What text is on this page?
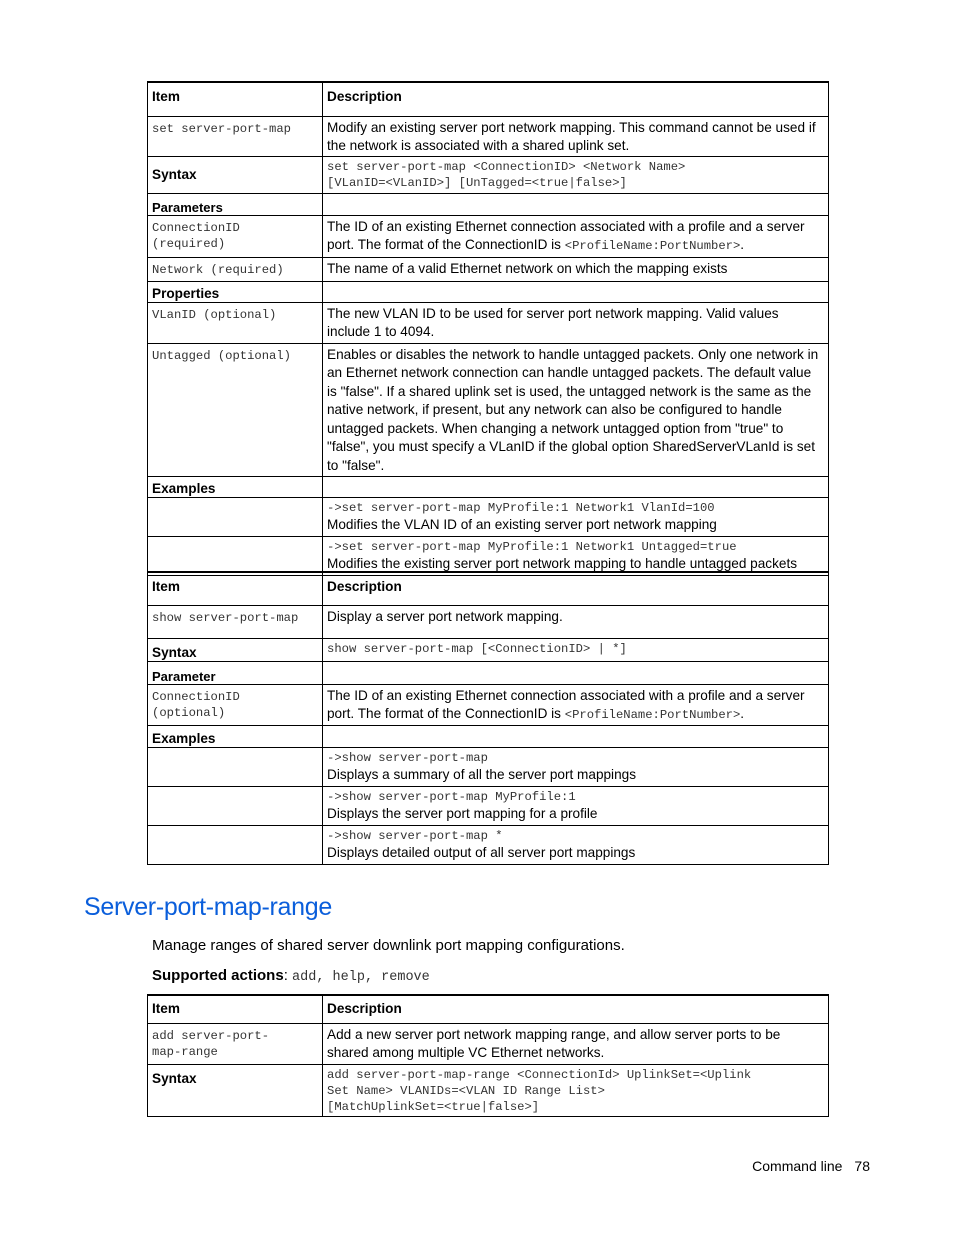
Item	Description
set server-port-map	Modify an existing server port network mapping. This command cannot be used if the network is associated with a shared uplink set.
Syntax	set server-port-map <ConnectionID> <Network Name>
[VLanID=<VLanID>] [UnTagged=<true|false>]
Parameters	
ConnectionID
(required)	The ID of an existing Ethernet connection associated with a profile and a server port. The format of the ConnectionID is <ProfileName:PortNumber>.
Network (required)	The name of a valid Ethernet network on which the mapping exists
Properties	
VLanID (optional)	The new VLAN ID to be used for server port network mapping. Valid values include 1 to 4094.
Untagged (optional)	Enables or disables the network to handle untagged packets. Only one network in an Ethernet network connection can handle untagged packets. The default value is "false". If a shared uplink set is used, the untagged network is the same as the native network, if present, but any network can also be configured to handle untagged packets. When changing a network untagged option from "true" to "false", you must specify a VLanID if the global option SharedServerVLanId is set to "false".
Examples	

	->set server-port-map MyProfile:1 Network1 VlanId=100
Modifies the VLAN ID of an existing server port network mapping

	->set server-port-map MyProfile:1 Network1 Untagged=true
Modifies the existing server port network mapping to handle untagged packets
Item	Description
show server-port-map	Display a server port network mapping.
Syntax	show server-port-map [<ConnectionID> | *]
Parameter	
ConnectionID
(optional)	The ID of an existing Ethernet connection associated with a profile and a server port. The format of the ConnectionID is <ProfileName:PortNumber>.
Examples	

	->show server-port-map
Displays a summary of all the server port mappings

	->show server-port-map MyProfile:1
Displays the server port mapping for a profile

	->show server-port-map *
Displays detailed output of all server port mappings
Server-port-map-range

Manage ranges of shared server downlink port mapping configurations.

Supported actions: add, help, remove

Item	Description
add server-port-
map-range	Add a new server port network mapping range, and allow server ports to be shared among multiple VC Ethernet networks.
Syntax	add server-port-map-range <ConnectionId> UplinkSet=<Uplink
Set Name> VLANIDs=<VLAN ID Range List>
[MatchUplinkSet=<true|false>]
Command line 78
